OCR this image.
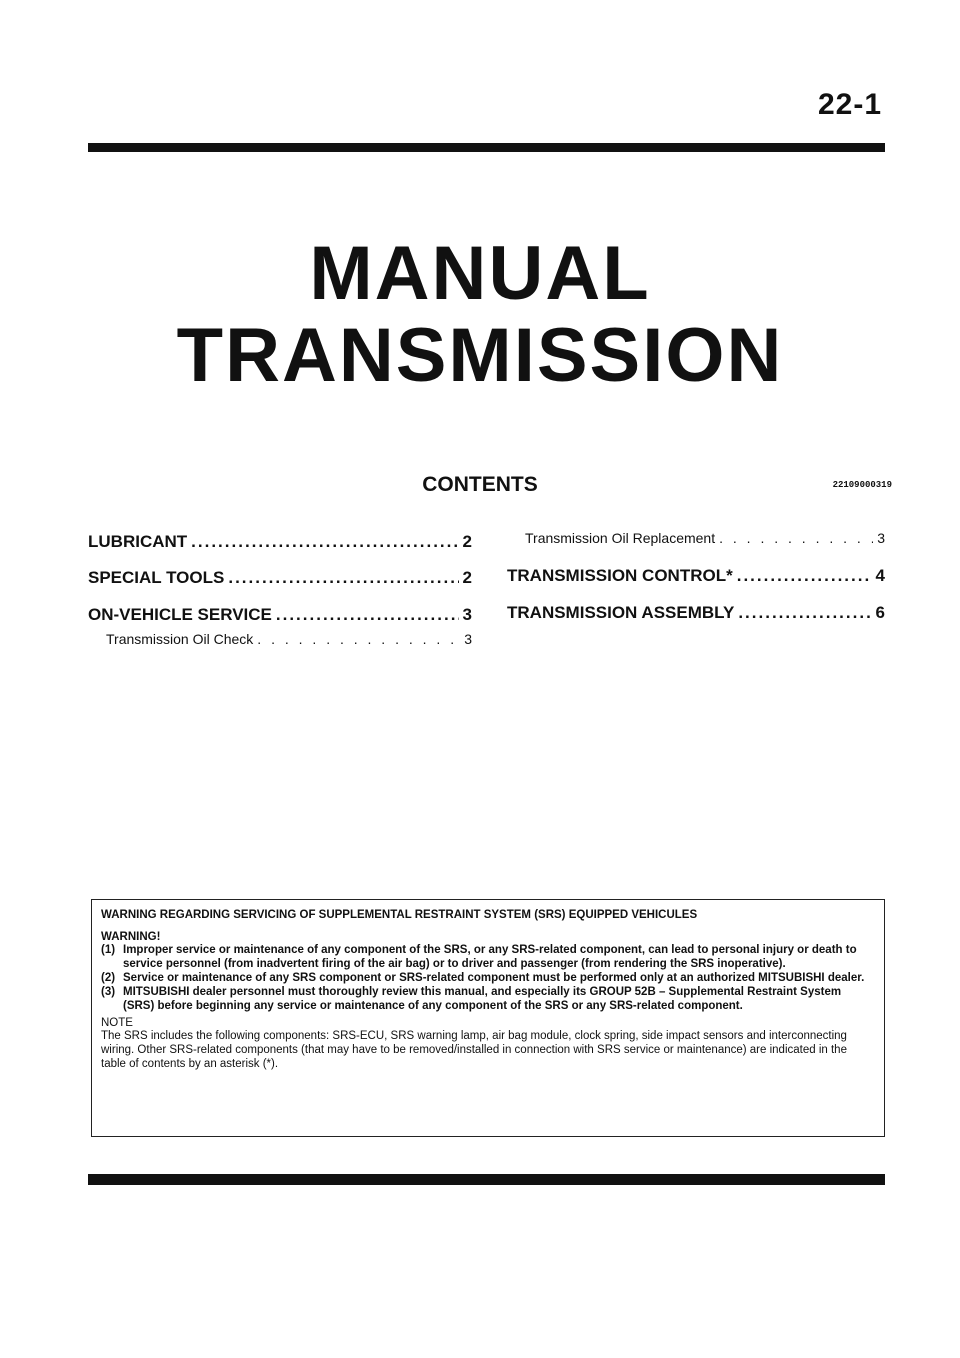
22-1
MANUAL
TRANSMISSION
CONTENTS	22109000319
LUBRICANT .....	2
SPECIAL TOOLS .....	2
ON-VEHICLE SERVICE .....	3
Transmission Oil Check . . .	3
Transmission Oil Replacement . . .	3
TRANSMISSION CONTROL* .....	4
TRANSMISSION ASSEMBLY .....	6
WARNING REGARDING SERVICING OF SUPPLEMENTAL RESTRAINT SYSTEM (SRS) EQUIPPED VEHICULES
WARNING!
(1) Improper service or maintenance of any component of the SRS, or any SRS-related component, can lead to personal injury or death to service personnel (from inadvertent firing of the air bag) or to driver and passenger (from rendering the SRS inoperative).
(2) Service or maintenance of any SRS component or SRS-related component must be performed only at an authorized MITSUBISHI dealer.
(3) MITSUBISHI dealer personnel must thoroughly review this manual, and especially its GROUP 52B – Supplemental Restraint System (SRS) before beginning any service or maintenance of any component of the SRS or any SRS-related component.
NOTE
The SRS includes the following components: SRS-ECU, SRS warning lamp, air bag module, clock spring, side impact sensors and interconnecting wiring. Other SRS-related components (that may have to be removed/installed in connection with SRS service or maintenance) are indicated in the table of contents by an asterisk (*).
